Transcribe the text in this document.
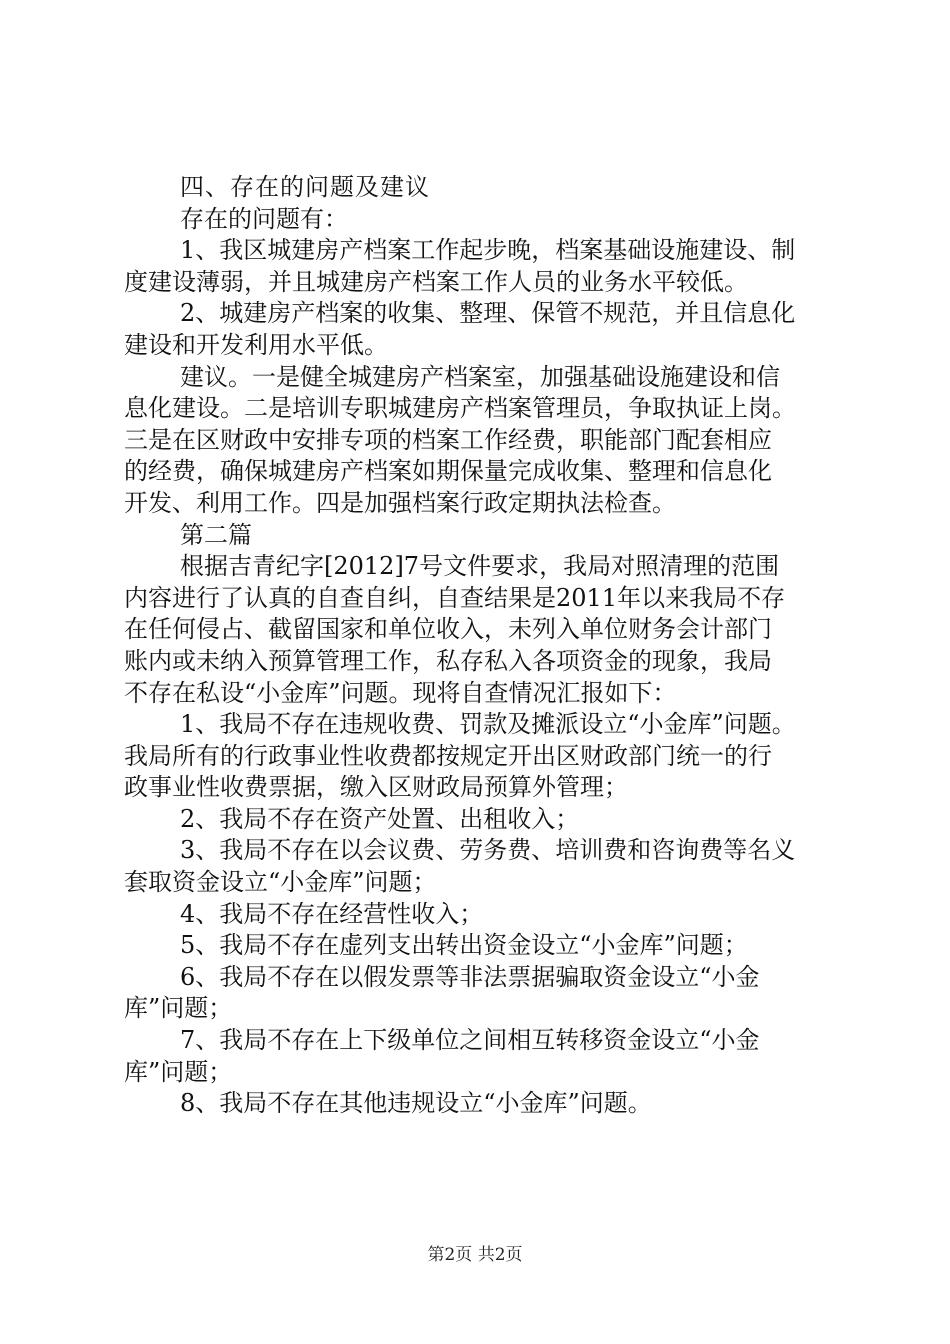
四、存在的问题及建议
存在的问题有：
1、我区城建房产档案工作起步晚，档案基础设施建设、制
度建设薄弱，并且城建房产档案工作人员的业务水平较低。
2、城建房产档案的收集、整理、保管不规范，并且信息化
建设和开发利用水平低。
建议。一是健全城建房产档案室，加强基础设施建设和信
息化建设。二是培训专职城建房产档案管理员，争取执证上岗。
三是在区财政中安排专项的档案工作经费，职能部门配套相应
的经费，确保城建房产档案如期保量完成收集、整理和信息化
开发、利用工作。四是加强档案行政定期执法检查。
第二篇
根据吉青纪字[2012]7号文件要求，我局对照清理的范围
内容进行了认真的自查自纠，自查结果是2011年以来我局不存
在任何侵占、截留国家和单位收入，未列入单位财务会计部门
账内或未纳入预算管理工作，私存私入各项资金的现象，我局
不存在私设“小金库”问题。现将自查情况汇报如下：
1、我局不存在违规收费、罚款及摊派设立“小金库”问题。
我局所有的行政事业性收费都按规定开出区财政部门统一的行
政事业性收费票据，缴入区财政局预算外管理；
2、我局不存在资产处置、出租收入；
3、我局不存在以会议费、劳务费、培训费和咨询费等名义
套取资金设立“小金库”问题；
4、我局不存在经营性收入；
5、我局不存在虚列支出转出资金设立“小金库”问题；
6、我局不存在以假发票等非法票据骗取资金设立“小金
库”问题；
7、我局不存在上下级单位之间相互转移资金设立“小金
库”问题；
8、我局不存在其他违规设立“小金库”问题。
第2页 共2页
